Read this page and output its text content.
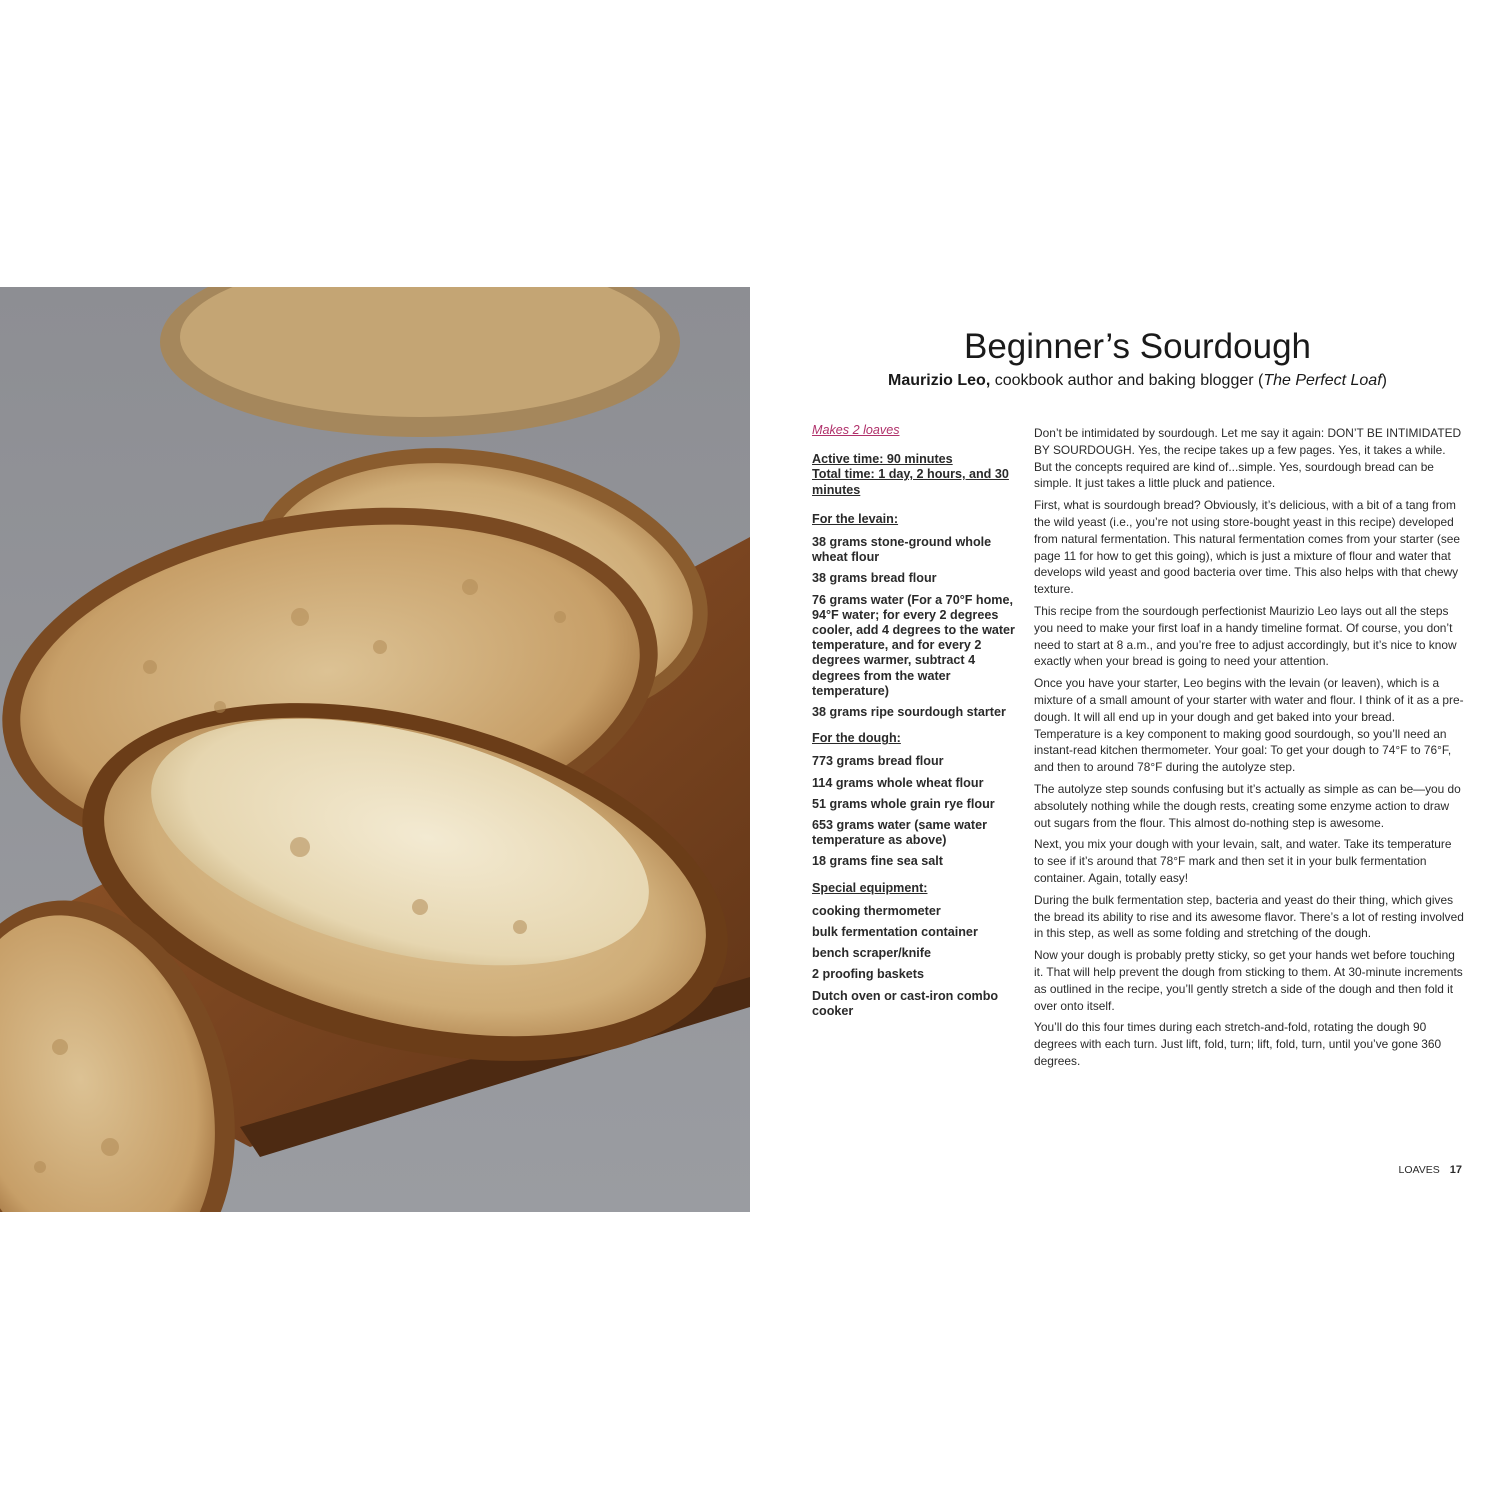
Beginner’s Sourdough
Maurizio Leo, cookbook author and baking blogger (The Perfect Loaf)
Makes 2 loaves
Active time: 90 minutes
Total time: 1 day, 2 hours, and 30 minutes
For the levain:
38 grams stone-ground whole wheat flour
38 grams bread flour
76 grams water (For a 70°F home, 94°F water; for every 2 degrees cooler, add 4 degrees to the water temperature, and for every 2 degrees warmer, subtract 4 degrees from the water temperature)
38 grams ripe sourdough starter
For the dough:
773 grams bread flour
114 grams whole wheat flour
51 grams whole grain rye flour
653 grams water (same water temperature as above)
18 grams fine sea salt
Special equipment:
cooking thermometer
bulk fermentation container
bench scraper/knife
2 proofing baskets
Dutch oven or cast-iron combo cooker

Don’t be intimidated by sourdough. Let me say it again: DON’T BE INTIMIDATED BY SOURDOUGH. Yes, the recipe takes up a few pages. Yes, it takes a while. But the concepts required are kind of...simple. Yes, sourdough bread can be simple. It just takes a little pluck and patience.

First, what is sourdough bread? Obviously, it’s delicious, with a bit of a tang from the wild yeast (i.e., you’re not using store-bought yeast in this recipe) developed from natural fermentation. This natural fermentation comes from your starter (see page 11 for how to get this going), which is just a mixture of flour and water that develops wild yeast and good bacteria over time. This also helps with that chewy texture.

This recipe from the sourdough perfectionist Maurizio Leo lays out all the steps you need to make your first loaf in a handy timeline format. Of course, you don’t need to start at 8 a.m., and you’re free to adjust accordingly, but it’s nice to know exactly when your bread is going to need your attention.

Once you have your starter, Leo begins with the levain (or leaven), which is a mixture of a small amount of your starter with water and flour. I think of it as a pre-dough. It will all end up in your dough and get baked into your bread. Temperature is a key component to making good sourdough, so you’ll need an instant-read kitchen thermometer. Your goal: To get your dough to 74°F to 76°F, and then to around 78°F during the autolyze step.

The autolyze step sounds confusing but it’s actually as simple as can be—you do absolutely nothing while the dough rests, creating some enzyme action to draw out sugars from the flour. This almost do-nothing step is awesome.

Next, you mix your dough with your levain, salt, and water. Take its temperature to see if it’s around that 78°F mark and then set it in your bulk fermentation container. Again, totally easy!

During the bulk fermentation step, bacteria and yeast do their thing, which gives the bread its ability to rise and its awesome flavor. There’s a lot of resting involved in this step, as well as some folding and stretching of the dough.

Now your dough is probably pretty sticky, so get your hands wet before touching it. That will help prevent the dough from sticking to them. At 30-minute increments as outlined in the recipe, you’ll gently stretch a side of the dough and then fold it over onto itself.

You’ll do this four times during each stretch-and-fold, rotating the dough 90 degrees with each turn. Just lift, fold, turn; lift, fold, turn, until you’ve gone 360 degrees.

LOAVES 17
